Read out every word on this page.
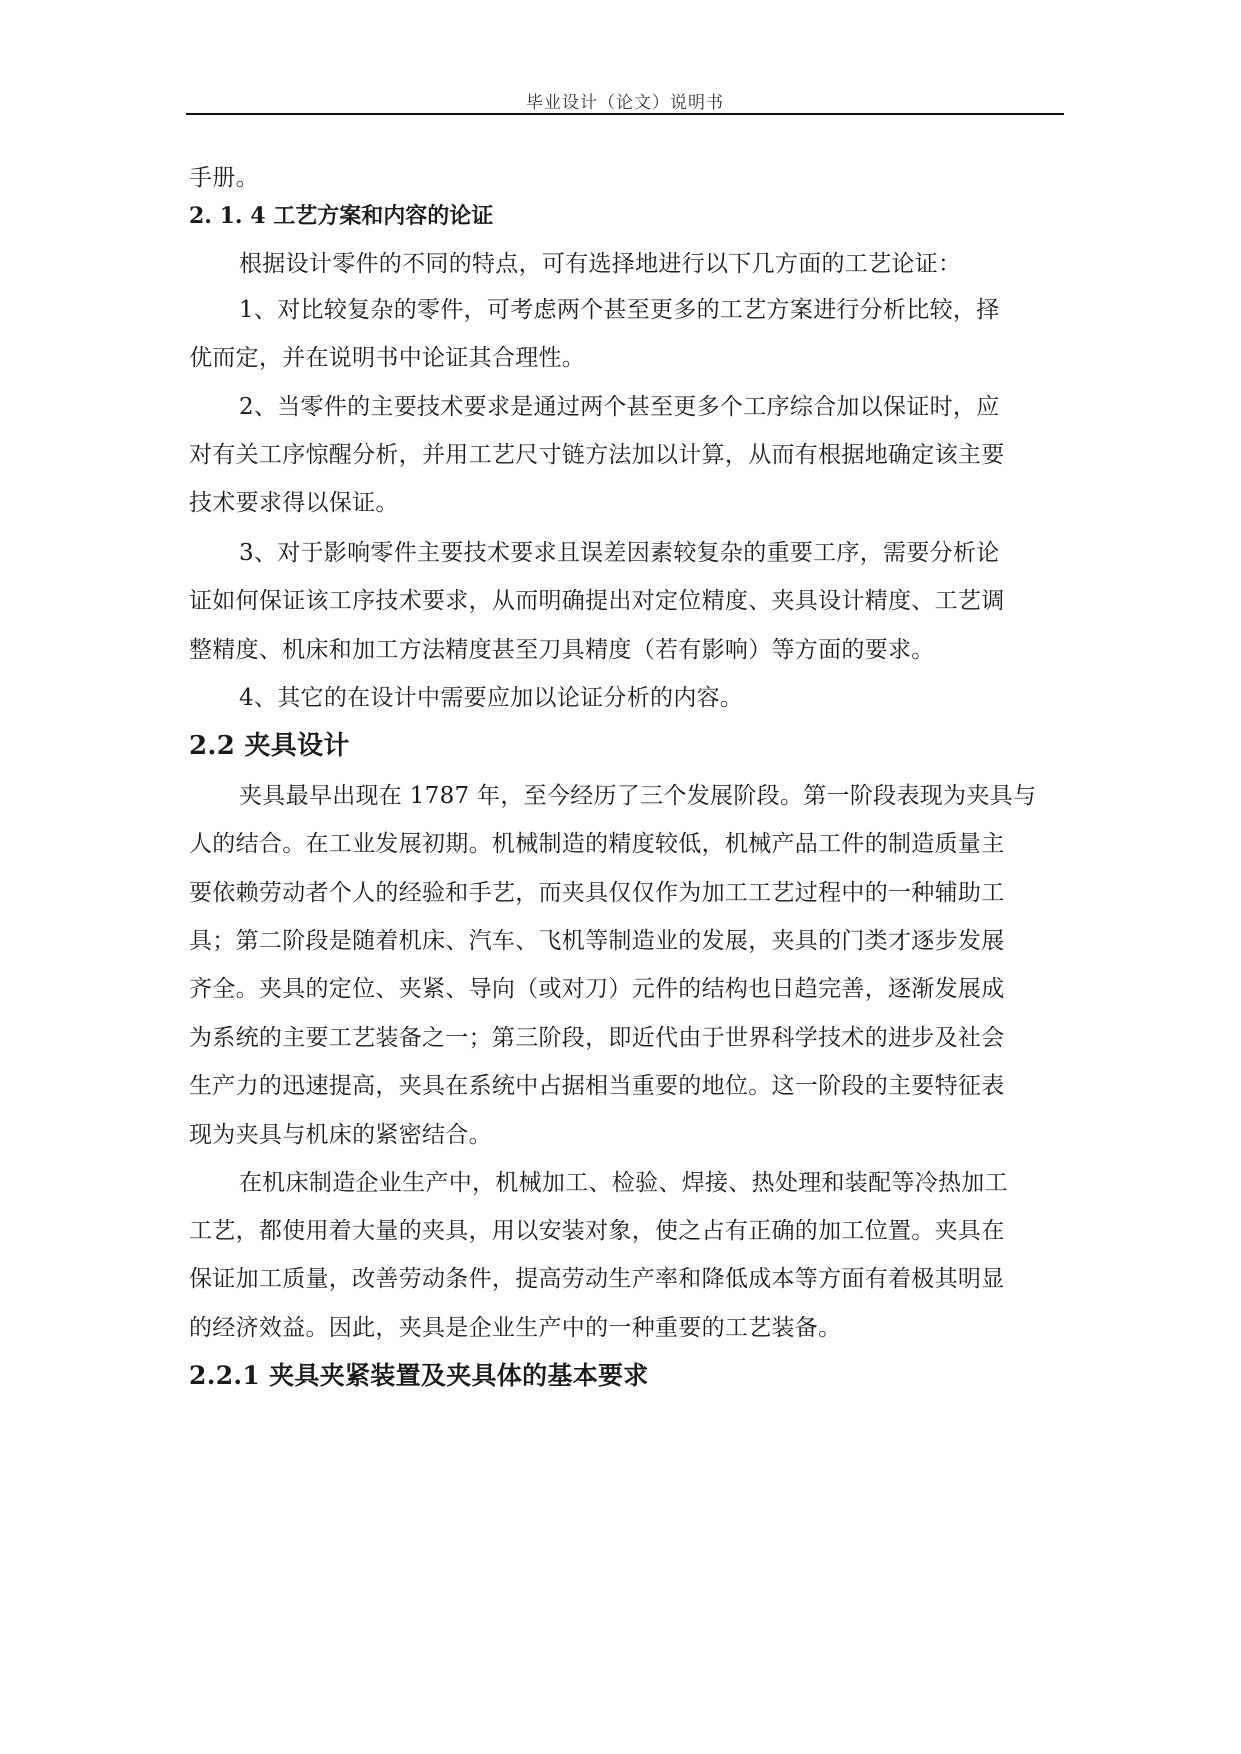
毕业设计（论文）说明书
手册。
2. 1. 4 工艺方案和内容的论证
根据设计零件的不同的特点，可有选择地进行以下几方面的工艺论证：
1、对比较复杂的零件，可考虑两个甚至更多的工艺方案进行分析比较，择
优而定，并在说明书中论证其合理性。
2、当零件的主要技术要求是通过两个甚至更多个工序综合加以保证时，应
对有关工序惊醒分析，并用工艺尺寸链方法加以计算，从而有根据地确定该主要
技术要求得以保证。
3、对于影响零件主要技术要求且误差因素较复杂的重要工序，需要分析论
证如何保证该工序技术要求，从而明确提出对定位精度、夹具设计精度、工艺调
整精度、机床和加工方法精度甚至刀具精度（若有影响）等方面的要求。
4、其它的在设计中需要应加以论证分析的内容。
2.2 夹具设计
夹具最早出现在 1787 年，至今经历了三个发展阶段。第一阶段表现为夹具与
人的结合。在工业发展初期。机械制造的精度较低，机械产品工件的制造质量主
要依赖劳动者个人的经验和手艺，而夹具仅仅作为加工工艺过程中的一种辅助工
具；第二阶段是随着机床、汽车、飞机等制造业的发展，夹具的门类才逐步发展
齐全。夹具的定位、夹紧、导向（或对刀）元件的结构也日趋完善，逐渐发展成
为系统的主要工艺装备之一；第三阶段，即近代由于世界科学技术的进步及社会
生产力的迅速提高，夹具在系统中占据相当重要的地位。这一阶段的主要特征表
现为夹具与机床的紧密结合。
在机床制造企业生产中，机械加工、检验、焊接、热处理和装配等冷热加工
工艺，都使用着大量的夹具，用以安装对象，使之占有正确的加工位置。夹具在
保证加工质量，改善劳动条件，提高劳动生产率和降低成本等方面有着极其明显
的经济效益。因此，夹具是企业生产中的一种重要的工艺装备。
2.2.1 夹具夹紧装置及夹具体的基本要求
